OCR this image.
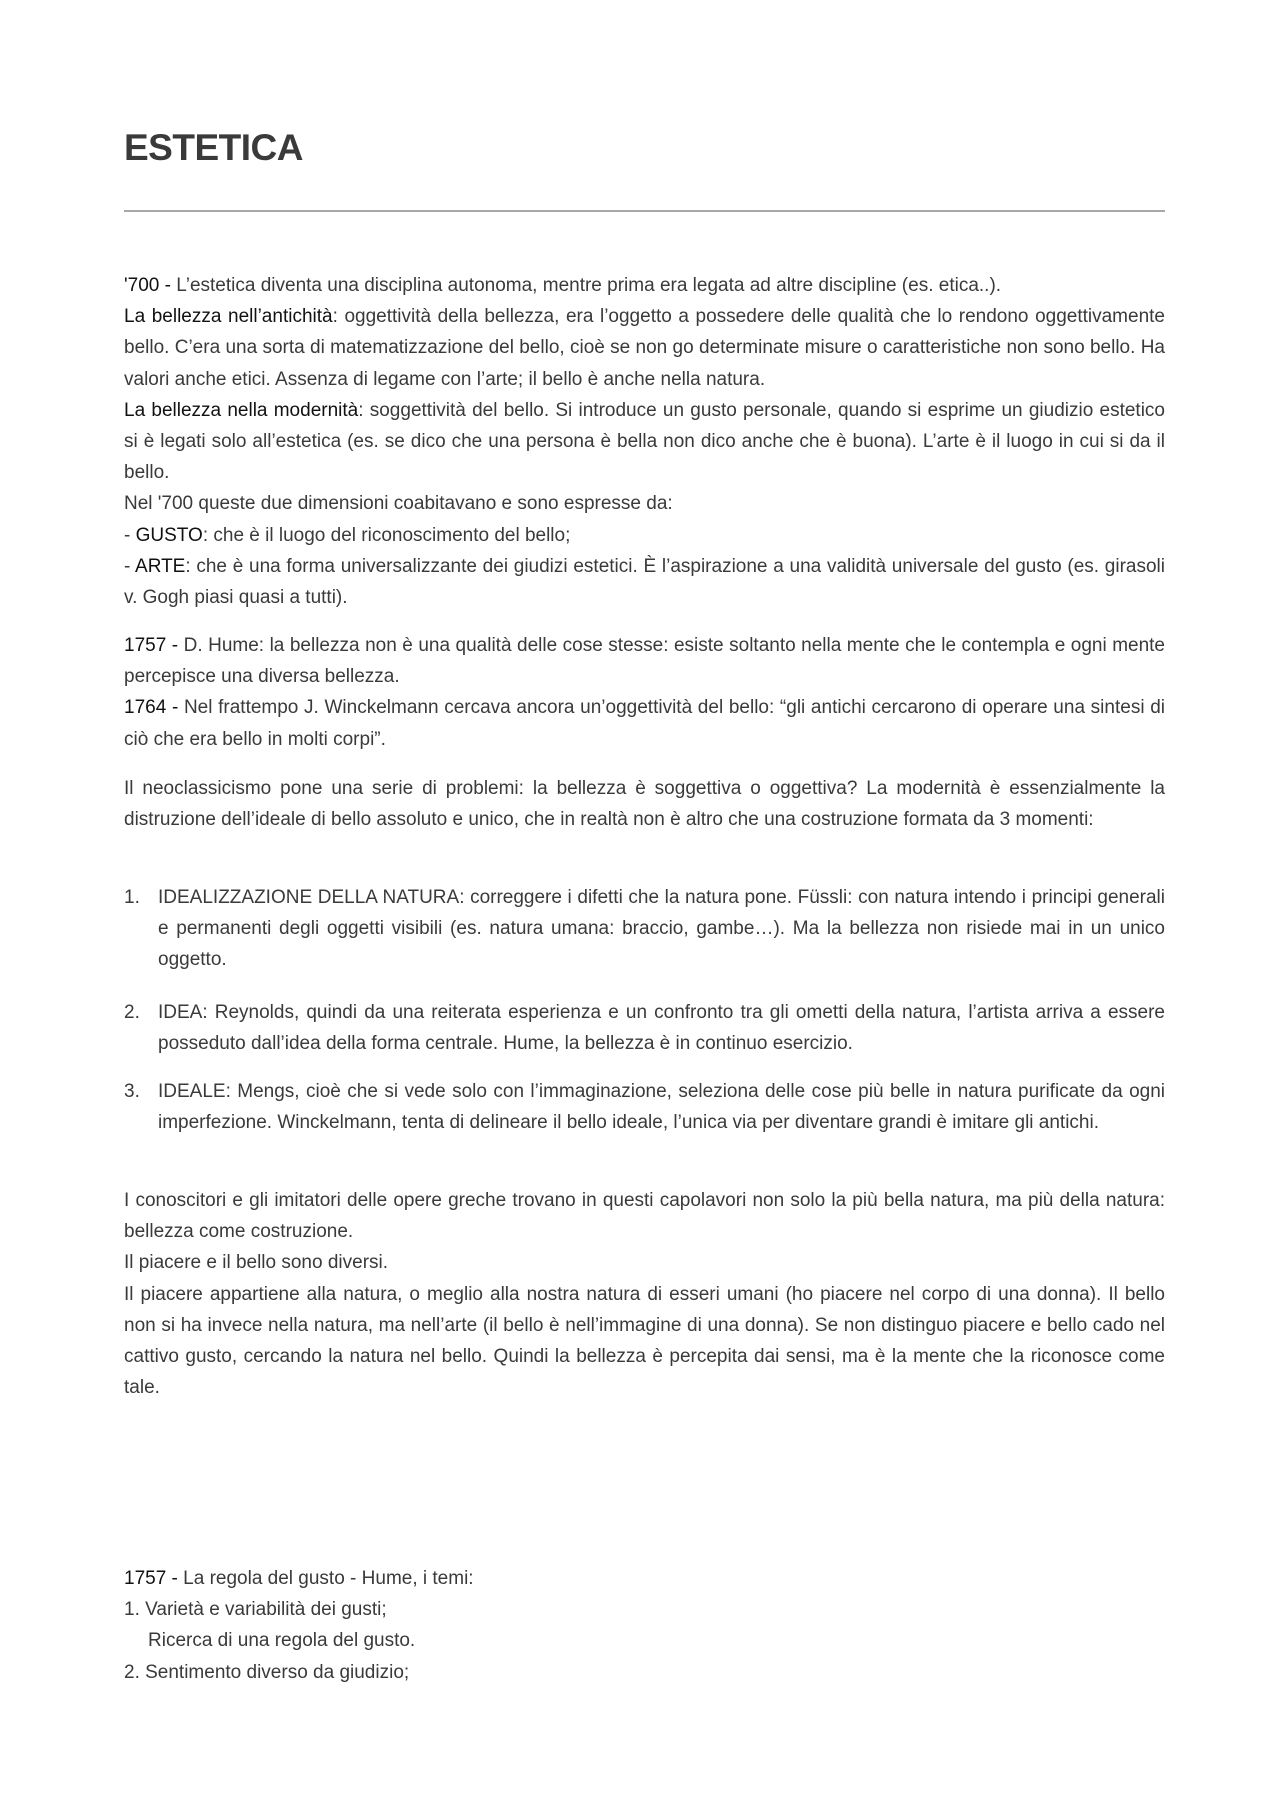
ESTETICA

'700 - L’estetica diventa una disciplina autonoma, mentre prima era legata ad altre discipline (es. etica..).

La bellezza nell’antichità: oggettività della bellezza, era l’oggetto a possedere delle qualità che lo rendono oggettivamente bello. C’era una sorta di matematizzazione del bello, cioè se non go determinate misure o caratteristiche non sono bello. Ha valori anche etici. Assenza di legame con l’arte; il bello è anche nella natura.

La bellezza nella modernità: soggettività del bello. Si introduce un gusto personale, quando si esprime un giudizio estetico si è legati solo all’estetica (es. se dico che una persona è bella non dico anche che è buona). L’arte è il luogo in cui si da il bello.

Nel '700 queste due dimensioni coabitavano e sono espresse da:

- GUSTO: che è il luogo del riconoscimento del bello;

- ARTE: che è una forma universalizzante dei giudizi estetici. È l’aspirazione a una validità universale del gusto (es. girasoli v. Gogh piasi quasi a tutti).

1757 - D. Hume: la bellezza non è una qualità delle cose stesse: esiste soltanto nella mente che le contempla e ogni mente percepisce una diversa bellezza.

1764 - Nel frattempo J. Winckelmann cercava ancora un’oggettività del bello: “gli antichi cercarono di operare una sintesi di ciò che era bello in molti corpi”.

Il neoclassicismo pone una serie di problemi: la bellezza è soggettiva o oggettiva? La modernità è essenzialmente la distruzione dell’ideale di bello assoluto e unico, che in realtà non è altro che una costruzione formata da 3 momenti:

1. IDEALIZZAZIONE DELLA NATURA: correggere i difetti che la natura pone. Füssli: con natura intendo i principi generali e permanenti degli oggetti visibili (es. natura umana: braccio, gambe…). Ma la bellezza non risiede mai in un unico oggetto.
2. IDEA: Reynolds, quindi da una reiterata esperienza e un confronto tra gli ometti della natura, l’artista arriva a essere posseduto dall’idea della forma centrale. Hume, la bellezza è in continuo esercizio.
3. IDEALE: Mengs, cioè che si vede solo con l’immaginazione, seleziona delle cose più belle in natura purificate da ogni imperfezione. Winckelmann, tenta di delineare il bello ideale, l’unica via per diventare grandi è imitare gli antichi.

I conoscitori e gli imitatori delle opere greche trovano in questi capolavori non solo la più bella natura, ma più della natura: bellezza come costruzione.

Il piacere e il bello sono diversi.

Il piacere appartiene alla natura, o meglio alla nostra natura di esseri umani (ho piacere nel corpo di una donna). Il bello non si ha invece nella natura, ma nell’arte (il bello è nell’immagine di una donna). Se non distinguo piacere e bello cado nel cattivo gusto, cercando la natura nel bello. Quindi la bellezza è percepita dai sensi, ma è la mente che la riconosce come tale.

1757 - La regola del gusto - Hume, i temi:

1. Varietà e variabilità dei gusti;

Ricerca di una regola del gusto.

2. Sentimento diverso da giudizio;
